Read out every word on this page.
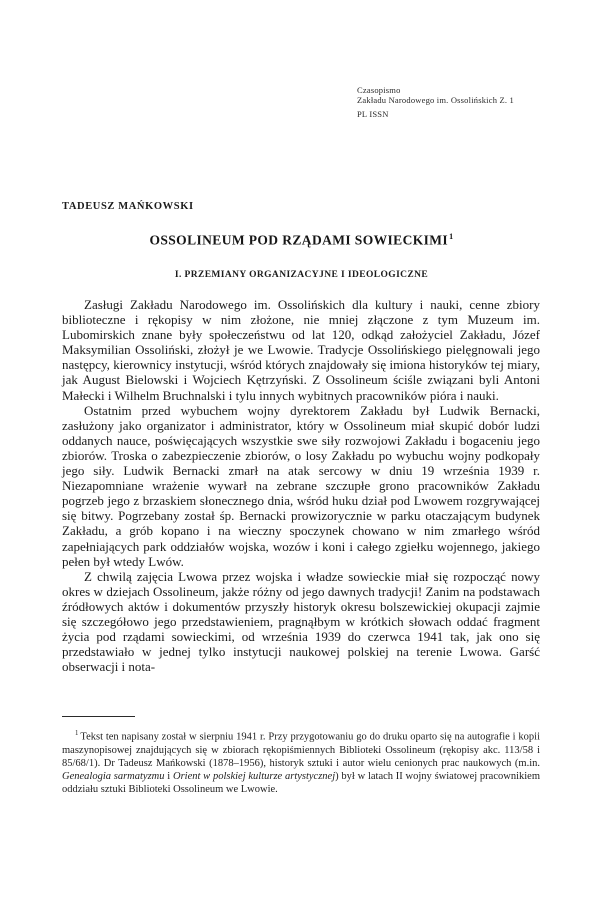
Czasopismo
Zakładu Narodowego im. Ossolińskich Z. 1
PL ISSN
TADEUSZ MAŃKOWSKI
OSSOLINEUM POD RZĄDAMI SOWIECKIMI$^1$
I. PRZEMIANY ORGANIZACYJNE I IDEOLOGICZNE

Zasługi Zakładu Narodowego im. Ossolińskich dla kultury i nauki, cenne zbiory biblioteczne i rękopisy w nim złożone, nie mniej złączone z tym Muzeum im. Lubomirskich znane były społeczeństwu od lat 120, odkąd założyciel Zakładu, Józef Maksymilian Ossoliński, złożył je we Lwowie. Tradycje Ossolińskiego pielęgnowali jego następcy, kierownicy instytucji, wśród których znajdowały się imiona historyków tej miary, jak August Bielowski i Wojciech Kętrzyński. Z Ossolineum ściśle związani byli Antoni Małecki i Wilhelm Bruchnalski i tylu innych wybitnych pracowników pióra i nauki.

Ostatnim przed wybuchem wojny dyrektorem Zakładu był Ludwik Bernacki, zasłużony jako organizator i administrator, który w Ossolineum miał skupić dobór ludzi oddanych nauce, poświęcających wszystkie swe siły rozwojowi Zakładu i bogaceniu jego zbiorów. Troska o zabezpieczenie zbiorów, o losy Zakładu po wybuchu wojny podkopały jego siły. Ludwik Bernacki zmarł na atak sercowy w dniu 19 września 1939 r. Niezapomniane wrażenie wywarł na zebrane szczupłe grono pracowników Zakładu pogrzeb jego z brzaskiem słonecznego dnia, wśród huku dział pod Lwowem rozgrywającej się bitwy. Pogrzebany został śp. Bernacki prowizorycznie w parku otaczającym budynek Zakładu, a grób kopano i na wieczny spoczynek chowano w nim zmarłego wśród zapełniających park oddziałów wojska, wozów i koni i całego zgiełku wojennego, jakiego pełen był wtedy Lwów.

Z chwilą zajęcia Lwowa przez wojska i władze sowieckie miał się rozpocząć nowy okres w dziejach Ossolineum, jakże różny od jego dawnych tradycji! Zanim na podstawach źródłowych aktów i dokumentów przyszły historyk okresu bolszewickiej okupacji zajmie się szczegółowo jego przedstawieniem, pragnąłbym w krótkich słowach oddać fragment życia pod rządami sowieckimi, od września 1939 do czerwca 1941 tak, jak ono się przedstawiało w jednej tylko instytucji naukowej polskiej na terenie Lwowa. Garść obserwacji i nota-

$^1$ Tekst ten napisany został w sierpniu 1941 r. Przy przygotowaniu go do druku oparto się na autografie i kopii maszynopisowej znajdujących się w zbiorach rękopiśmiennych Biblioteki Ossolineum (rękopisy akc. 113/58 i 85/68/1). Dr Tadeusz Mańkowski (1878–1956), historyk sztuki i autor wielu cenionych prac naukowych (m.in. Genealogia sarmatyzmu i Orient w polskiej kulturze artystycznej) był w latach II wojny światowej pracownikiem oddziału sztuki Biblioteki Ossolineum we Lwowie.
